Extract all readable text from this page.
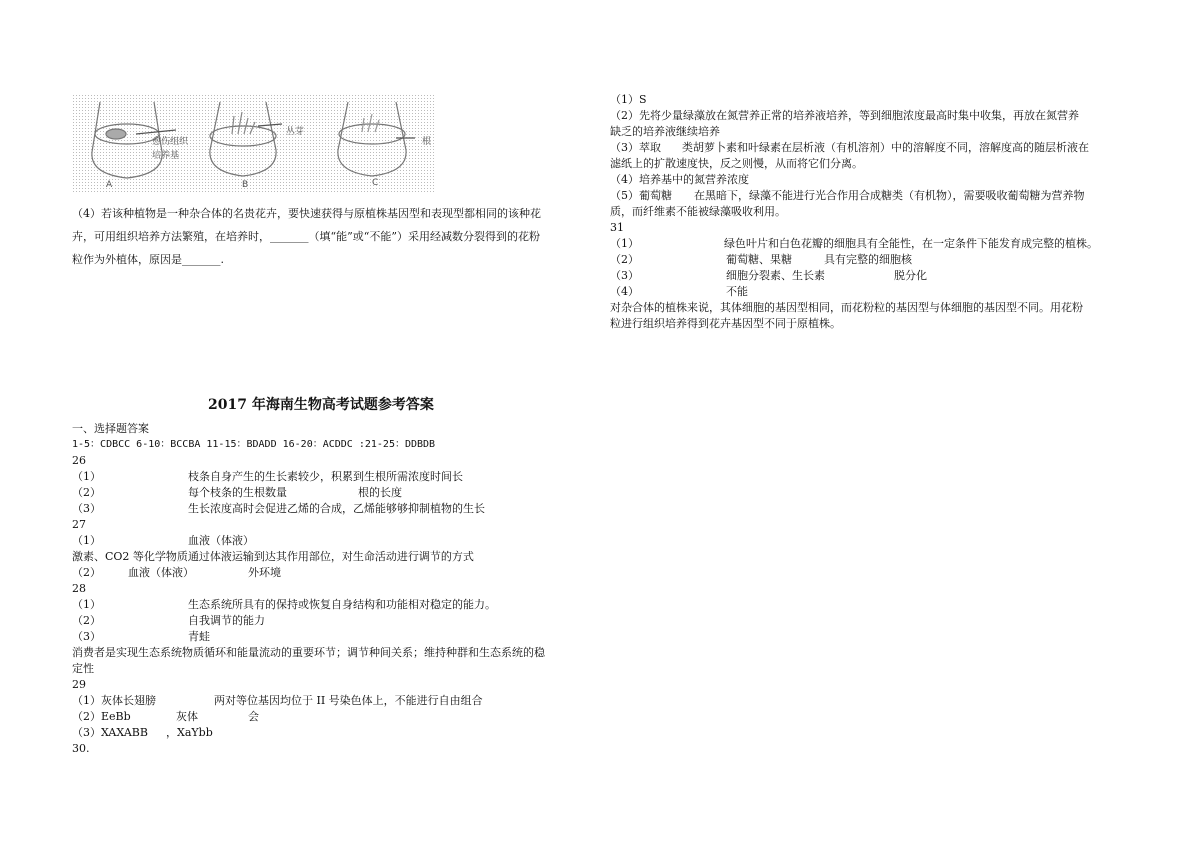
愈伤组织
培养基
丛芽
根
A	B	C
（4）若该种植物是一种杂合体的名贵花卉，要快速获得与原植株基因型和表现型都相同的该种花
卉，可用组织培养方法繁殖，在培养时，_______（填“能”或“不能”）采用经减数分裂得到的花粉
粒作为外植体，原因是_______.
2017 年海南生物高考试题参考答案
一、选择题答案
1-5：CDBCC 6-10：BCCBA 11-15：BDADD 16-20：ACDDC :21-25：DDBDB
26
（1）	枝条自身产生的生长素较少，积累到生根所需浓度时间长
（2）	每个枝条的生根数量	根的长度
（3）	生长浓度高时会促进乙烯的合成，乙烯能够够抑制植物的生长
27
（1）	血液（体液）
激素、CO2 等化学物质通过体液运输到达其作用部位，对生命活动进行调节的方式
（2） 血液（体液）	外环境
28
（1）	生态系统所具有的保持或恢复自身结构和功能相对稳定的能力。
（2）	自我调节的能力
（3）	青蛙
消费者是实现生态系统物质循环和能量流动的重要环节；调节种间关系；维持种群和生态系统的稳
定性
29
（1）灰体长翅膀	两对等位基因均位于 II 号染色体上，不能进行自由组合
（2）EeBb	灰体	会
（3）XAXABB ，XaYbb
30.
（1）S
（2）先将少量绿藻放在氮营养正常的培养液培养，等到细胞浓度最高时集中收集，再放在氮营养
缺乏的培养液继续培养
（3）萃取 类胡萝卜素和叶绿素在层析液（有机溶剂）中的溶解度不同，溶解度高的随层析液在
滤纸上的扩散速度快，反之则慢，从而将它们分离。
（4）培养基中的氮营养浓度
（5）葡萄糖 在黑暗下，绿藻不能进行光合作用合成糖类（有机物），需要吸收葡萄糖为营养物
质，而纤维素不能被绿藻吸收利用。
31
（1）	绿色叶片和白色花瓣的细胞具有全能性，在一定条件下能发育成完整的植株。
（2）	葡萄糖、果糖	具有完整的细胞核
（3）	细胞分裂素、生长素	脱分化
（4）	不能
对杂合体的植株来说，其体细胞的基因型相同，而花粉粒的基因型与体细胞的基因型不同。用花粉
粒进行组织培养得到花卉基因型不同于原植株。
